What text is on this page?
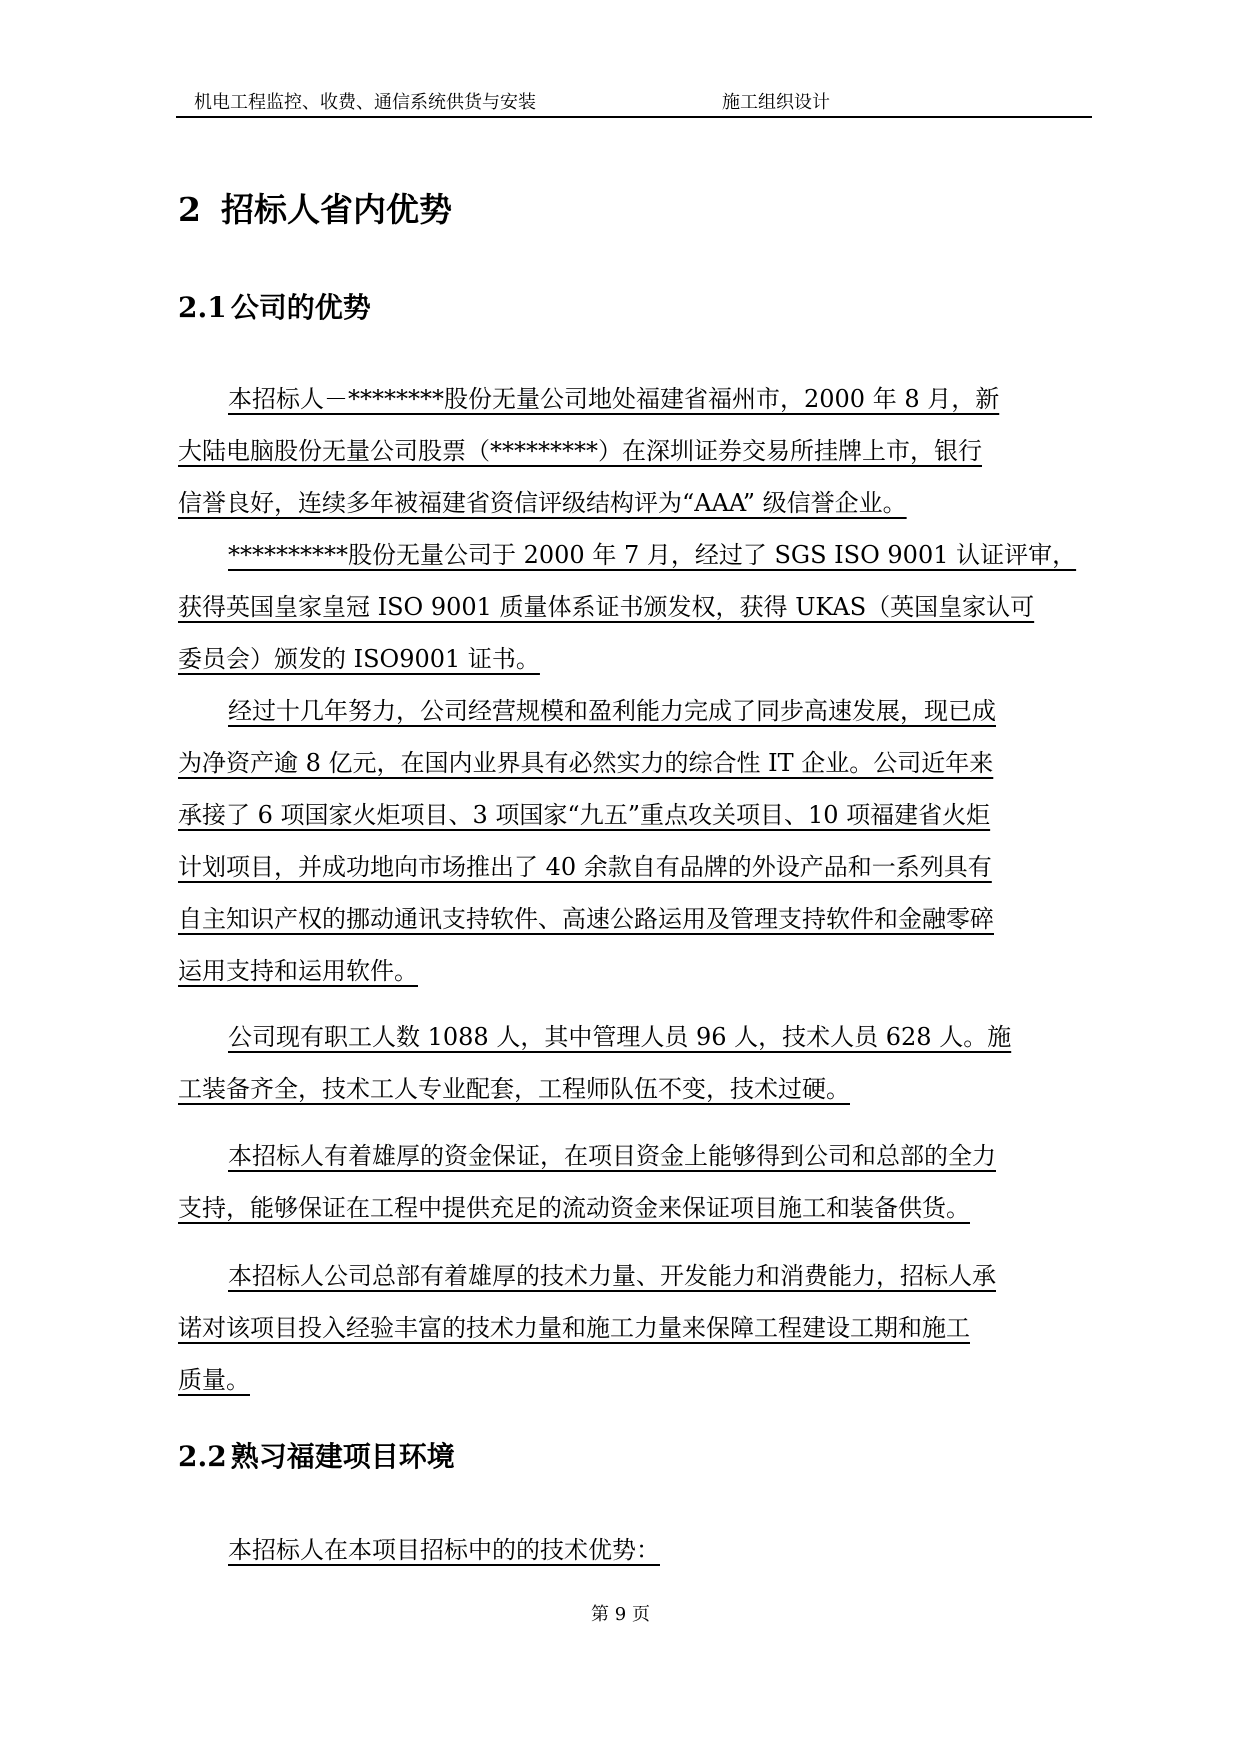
机电工程监控、收费、通信系统供货与安装	施工组织设计
2 招标人省内优势
2.1 公司的优势
本招标人－********股份无量公司地处福建省福州市，2000 年 8 月，新
大陆电脑股份无量公司股票（*********）在深圳证券交易所挂牌上市，银行
信誉良好，连续多年被福建省资信评级结构评为“AAA” 级信誉企业。
**********股份无量公司于 2000 年 7 月，经过了 SGS ISO 9001 认证评审，
获得英国皇家皇冠 ISO 9001 质量体系证书颁发权，获得 UKAS（英国皇家认可
委员会）颁发的 ISO9001 证书。
经过十几年努力，公司经营规模和盈利能力完成了同步高速发展，现已成
为净资产逾 8 亿元，在国内业界具有必然实力的综合性 IT 企业。公司近年来
承接了 6 项国家火炬项目、3 项国家“九五”重点攻关项目、10 项福建省火炬
计划项目，并成功地向市场推出了 40 余款自有品牌的外设产品和一系列具有
自主知识产权的挪动通讯支持软件、高速公路运用及管理支持软件和金融零碎
运用支持和运用软件。
公司现有职工人数 1088 人，其中管理人员 96 人，技术人员 628 人。施
工装备齐全，技术工人专业配套，工程师队伍不变，技术过硬。
本招标人有着雄厚的资金保证，在项目资金上能够得到公司和总部的全力
支持，能够保证在工程中提供充足的流动资金来保证项目施工和装备供货。
本招标人公司总部有着雄厚的技术力量、开发能力和消费能力，招标人承
诺对该项目投入经验丰富的技术力量和施工力量来保障工程建设工期和施工
质量。
2.2 熟习福建项目环境
本招标人在本项目招标中的的技术优势：
第 9 页
